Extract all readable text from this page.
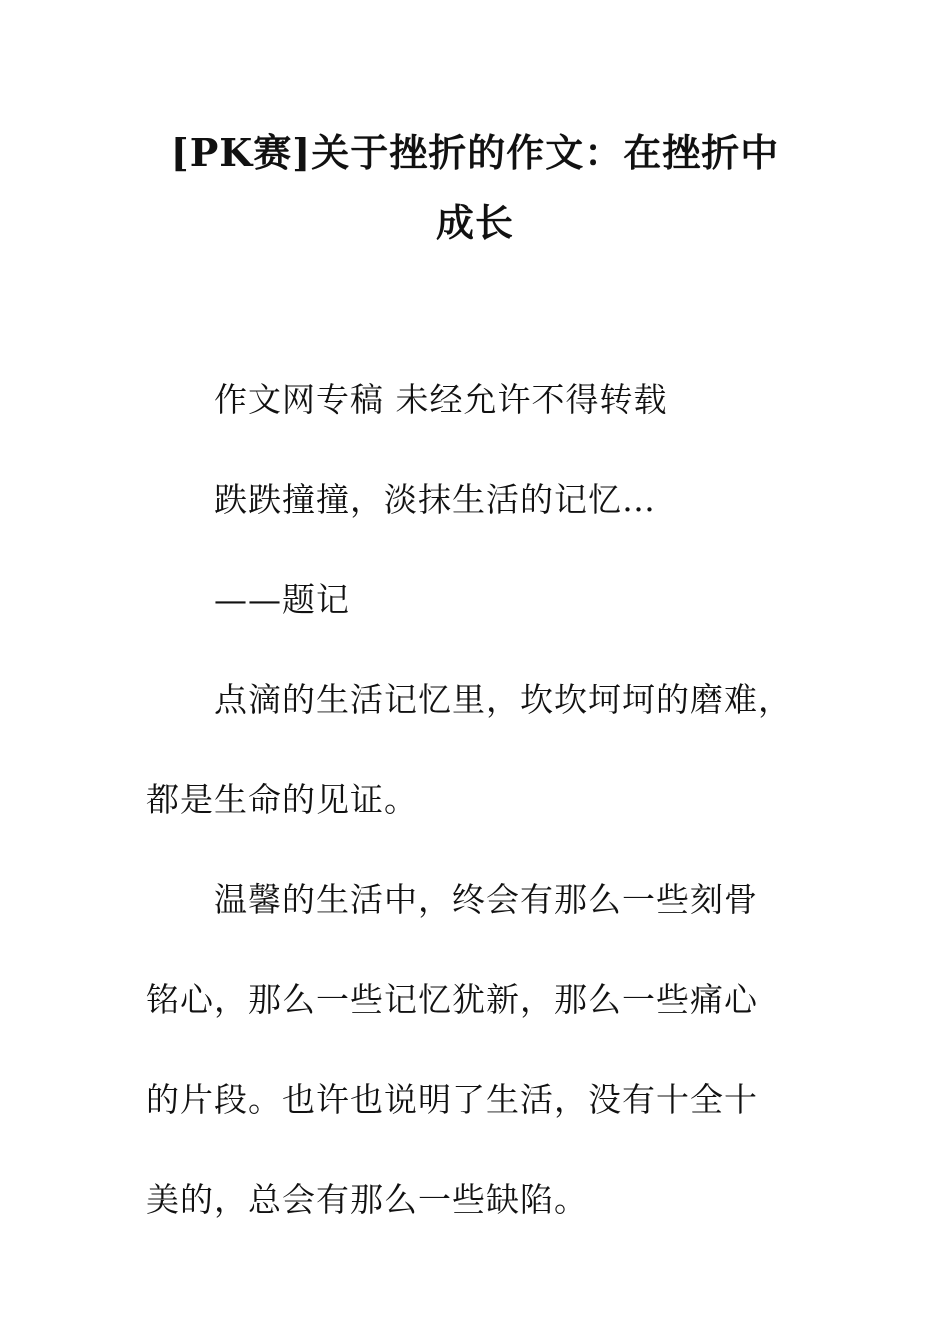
[PK赛]关于挫折的作文：在挫折中
成长
作文网专稿 未经允许不得转载
跌跌撞撞，淡抹生活的记忆…
——题记
点滴的生活记忆里，坎坎坷坷的磨难，
都是生命的见证。
温馨的生活中，终会有那么一些刻骨
铭心，那么一些记忆犹新，那么一些痛心
的片段。也许也说明了生活，没有十全十
美的，总会有那么一些缺陷。
